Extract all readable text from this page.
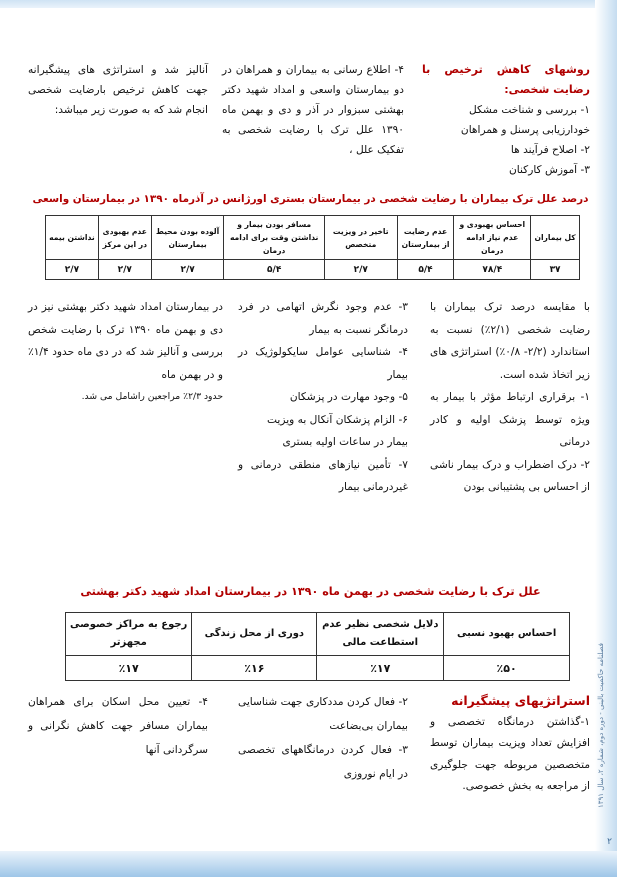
فصلنامه حاکمیت بالینی - دوره دوم، شماره ۲، سال ۱۳۹۱
۲

روشهای کاهش ترخیص با رضایت شخصی:

۱- بررسی و شناخت مشکل

خودارزیابی پرسنل و همراهان

۲- اصلاح فرآیند ها

۳- آموزش کارکنان

۴- اطلاع رسانی به بیماران و همراهان در دو بیمارستان واسعی و امداد شهید دکتر بهشتی سبزوار در آذر و دی و بهمن ماه ۱۳۹۰ علل ترک با رضایت شخصی به تفکیک علل ،

آنالیز شد و استراتژی های پیشگیرانه جهت کاهش ترخیص بارضایت شخصی انجام شد که به صورت زیر میباشد:

درصد علل ترک بیماران با رضایت شخصی در بیمارستان بستری اورژانس در آذرماه ۱۳۹۰ در بیمارستان واسعی
کل بیماران	احساس بهبودی و عدم نیاز ادامه درمان	عدم رضایت از بیمارستان	تاخیر در ویزیت متخصص	مسافر بودن بیمار و نداشتن وقت برای ادامه درمان	آلوده بودن محیط بیمارستان	عدم بهبودی در این مرکز	نداشتن بیمه
۳۷	۷۸/۴	۵/۴	۲/۷	۵/۴	۲/۷	۲/۷	۲/۷

با مقایسه درصد ترک بیماران با رضایت شخصی (۲/۱٪) نسبت به استاندارد (۲/۲- ۰/۸٪) استراتژی های زیر اتخاذ شده است.

۱- برقراری ارتباط مؤثر با بیمار به ویژه توسط پزشک اولیه و کادر درمانی

۲- درک اضطراب و درک بیمار ناشی از احساس بی پشتیبانی بودن

۳- عدم وجود نگرش اتهامی در فرد درمانگر نسبت به بیمار

۴- شناسایی عوامل سایکولوژیک در بیمار

۵- وجود مهارت در پزشکان

۶- الزام پزشکان آنکال به ویزیت

بیمار در ساعات اولیه بستری

۷- تأمین نیازهای منطقی درمانی و غیردرمانی بیمار

در بیمارستان امداد شهید دکتر بهشتی نیز در دی و بهمن ماه ۱۳۹۰ ترک با رضایت شخص بررسی و آنالیز شد که در دی ماه حدود ۱/۴٪ و در بهمن ماه

حدود ۲/۳٪ مراجعین راشامل می شد.

علل ترک با رضایت شخصی در بهمن ماه ۱۳۹۰ در بیمارستان امداد شهید دکتر بهشتی
احساس بهبود نسبی	دلایل شخصی نظیر عدم استطاعت مالی	دوری از محل زندگی	رجوع به مراکز خصوصی مجهزتر
٪۵۰	٪۱۷	٪۱۶	٪۱۷

استراتژیهای پیشگیرانه

۱-گذاشتن درمانگاه تخصصی و افزایش تعداد ویزیت بیماران توسط متخصصین مربوطه جهت جلوگیری از مراجعه به بخش خصوصی.

۲- فعال کردن مددکاری جهت شناسایی بیماران بی‌بضاعت

۳- فعال کردن درمانگاههای تخصصی در ایام نوروزی

۴- تعیین محل اسکان برای همراهان بیماران مسافر جهت کاهش نگرانی و سرگردانی آنها
